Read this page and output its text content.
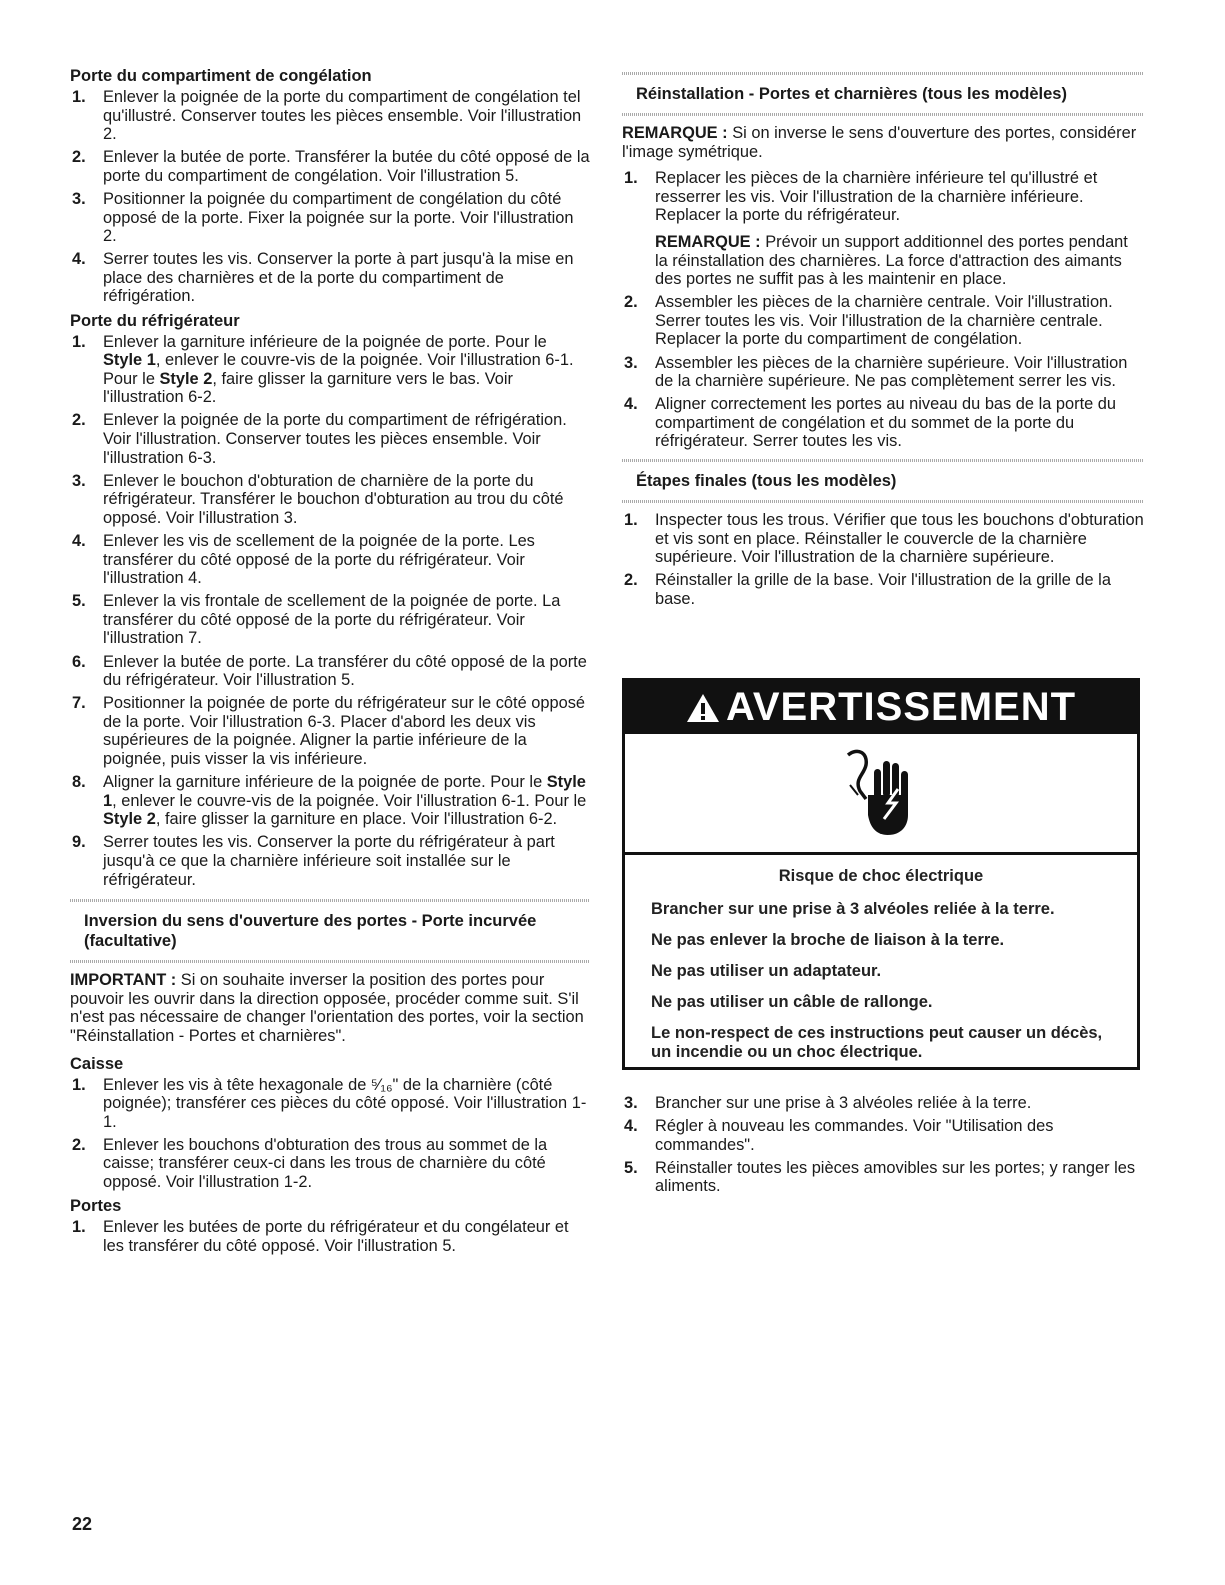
Porte du compartiment de congélation
1. Enlever la poignée de la porte du compartiment de congélation tel qu'illustré. Conserver toutes les pièces ensemble. Voir l'illustration 2.
2. Enlever la butée de porte. Transférer la butée du côté opposé de la porte du compartiment de congélation. Voir l'illustration 5.
3. Positionner la poignée du compartiment de congélation du côté opposé de la porte. Fixer la poignée sur la porte. Voir l'illustration 2.
4. Serrer toutes les vis. Conserver la porte à part jusqu'à la mise en place des charnières et de la porte du compartiment de réfrigération.
Porte du réfrigérateur
1. Enlever la garniture inférieure de la poignée de porte. Pour le Style 1, enlever le couvre-vis de la poignée. Voir l'illustration 6-1. Pour le Style 2, faire glisser la garniture vers le bas. Voir l'illustration 6-2.
2. Enlever la poignée de la porte du compartiment de réfrigération. Voir l'illustration. Conserver toutes les pièces ensemble. Voir l'illustration 6-3.
3. Enlever le bouchon d'obturation de charnière de la porte du réfrigérateur. Transférer le bouchon d'obturation au trou du côté opposé. Voir l'illustration 3.
4. Enlever les vis de scellement de la poignée de la porte. Les transférer du côté opposé de la porte du réfrigérateur. Voir l'illustration 4.
5. Enlever la vis frontale de scellement de la poignée de porte. La transférer du côté opposé de la porte du réfrigérateur. Voir l'illustration 7.
6. Enlever la butée de porte. La transférer du côté opposé de la porte du réfrigérateur. Voir l'illustration 5.
7. Positionner la poignée de porte du réfrigérateur sur le côté opposé de la porte. Voir l'illustration 6-3. Placer d'abord les deux vis supérieures de la poignée. Aligner la partie inférieure de la poignée, puis visser la vis inférieure.
8. Aligner la garniture inférieure de la poignée de porte. Pour le Style 1, enlever le couvre-vis de la poignée. Voir l'illustration 6-1. Pour le Style 2, faire glisser la garniture en place. Voir l'illustration 6-2.
9. Serrer toutes les vis. Conserver la porte du réfrigérateur à part jusqu'à ce que la charnière inférieure soit installée sur le réfrigérateur.
Inversion du sens d'ouverture des portes - Porte incurvée (facultative)

IMPORTANT : Si on souhaite inverser la position des portes pour pouvoir les ouvrir dans la direction opposée, procéder comme suit. S'il n'est pas nécessaire de changer l'orientation des portes, voir la section "Réinstallation - Portes et charnières".

Caisse
1. Enlever les vis à tête hexagonale de ⁵⁄₁₆" de la charnière (côté poignée); transférer ces pièces du côté opposé. Voir l'illustration 1-1.
2. Enlever les bouchons d'obturation des trous au sommet de la caisse; transférer ceux-ci dans les trous de charnière du côté opposé. Voir l'illustration 1-2.
Portes
1. Enlever les butées de porte du réfrigérateur et du congélateur et les transférer du côté opposé. Voir l'illustration 5.
Réinstallation - Portes et charnières (tous les modèles)

REMARQUE : Si on inverse le sens d'ouverture des portes, considérer l'image symétrique.

1. Replacer les pièces de la charnière inférieure tel qu'illustré et resserrer les vis. Voir l'illustration de la charnière inférieure. Replacer la porte du réfrigérateur.
REMARQUE : Prévoir un support additionnel des portes pendant la réinstallation des charnières. La force d'attraction des aimants des portes ne suffit pas à les maintenir en place.
2. Assembler les pièces de la charnière centrale. Voir l'illustration. Serrer toutes les vis. Voir l'illustration de la charnière centrale. Replacer la porte du compartiment de congélation.
3. Assembler les pièces de la charnière supérieure. Voir l'illustration de la charnière supérieure. Ne pas complètement serrer les vis.
4. Aligner correctement les portes au niveau du bas de la porte du compartiment de congélation et du sommet de la porte du réfrigérateur. Serrer toutes les vis.
Étapes finales (tous les modèles)
1. Inspecter tous les trous. Vérifier que tous les bouchons d'obturation et vis sont en place. Réinstaller le couvercle de la charnière supérieure. Voir l'illustration de la charnière supérieure.
2. Réinstaller la grille de la base. Voir l'illustration de la grille de la base.
AVERTISSEMENT
Risque de choc électrique
Brancher sur une prise à 3 alvéoles reliée à la terre.
Ne pas enlever la broche de liaison à la terre.
Ne pas utiliser un adaptateur.
Ne pas utiliser un câble de rallonge.
Le non-respect de ces instructions peut causer un décès, un incendie ou un choc électrique.
3. Brancher sur une prise à 3 alvéoles reliée à la terre.
4. Régler à nouveau les commandes. Voir "Utilisation des commandes".
5. Réinstaller toutes les pièces amovibles sur les portes; y ranger les aliments.
22
